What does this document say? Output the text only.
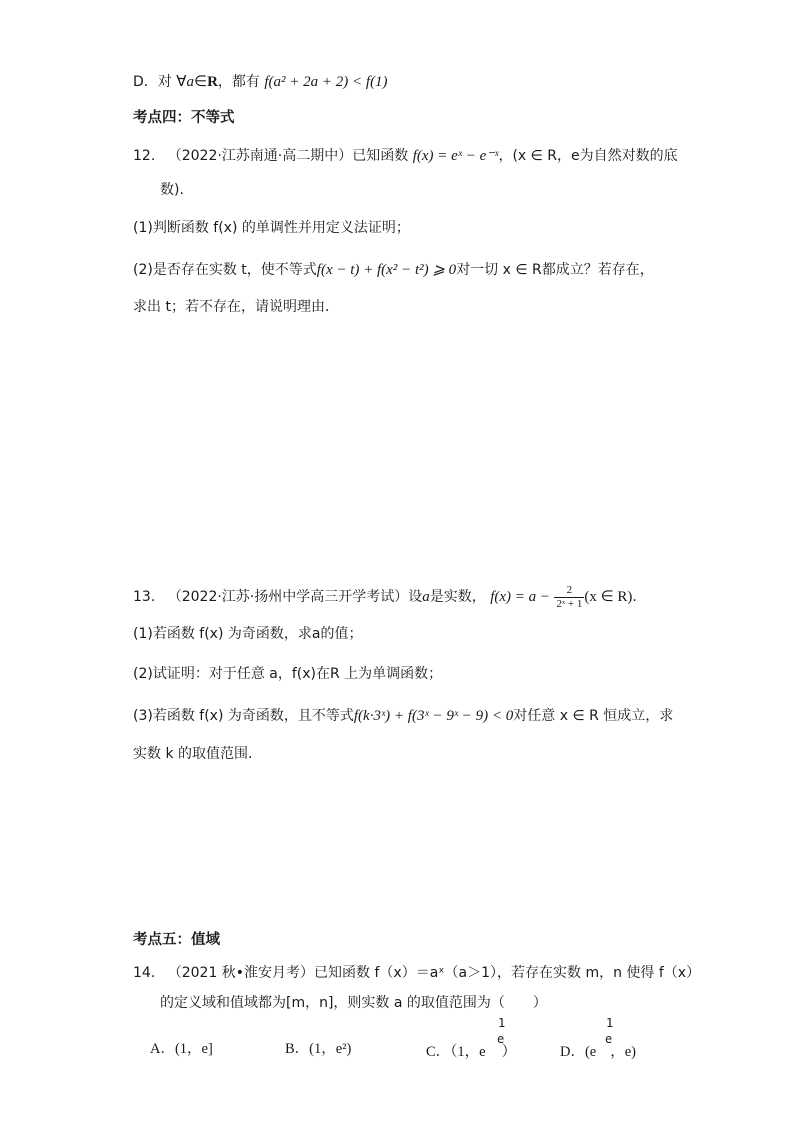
D．对 ∀a∈R，都有 f(a² + 2a + 2) < f(1)
考点四：不等式
12. （2022·江苏南通·高二期中）已知函数 f(x) = eˣ − e⁻ˣ，(x ∈ R，e为自然对数的底
数).
(1)判断函数 f(x) 的单调性并用定义法证明；
(2)是否存在实数 t，使不等式f(x − t) + f(x² − t²) ⩾ 0对一切 x ∈ R都成立？若存在，
求出 t；若不存在，请说明理由．
13. （2022·江苏·扬州中学高三开学考试）设a是实数， $f(x) = a - \frac{2}{\text{2ˣ + 1}} (x$ ∈ R).
(1)若函数 f(x) 为奇函数，求a的值；
(2)试证明：对于任意 a，f(x)在R 上为单调函数；
(3)若函数 f(x) 为奇函数，且不等式f(k·3ˣ) + f(3ˣ − 9ˣ − 9) < 0对任意 x ∈ R 恒成立，求
实数 k 的取值范围.
考点五：值域
14. （2021 秋•淮安月考）已知函数 f（x）＝aˣ（a＞1），若存在实数 m，n 使得 f（x）
的定义域和值域都为[m，n]，则实数 a 的取值范围为（　　）
A．(1，e]	B．(1，e²)	C．（1，e ）
1
e
D．(e ，e)
1
e
